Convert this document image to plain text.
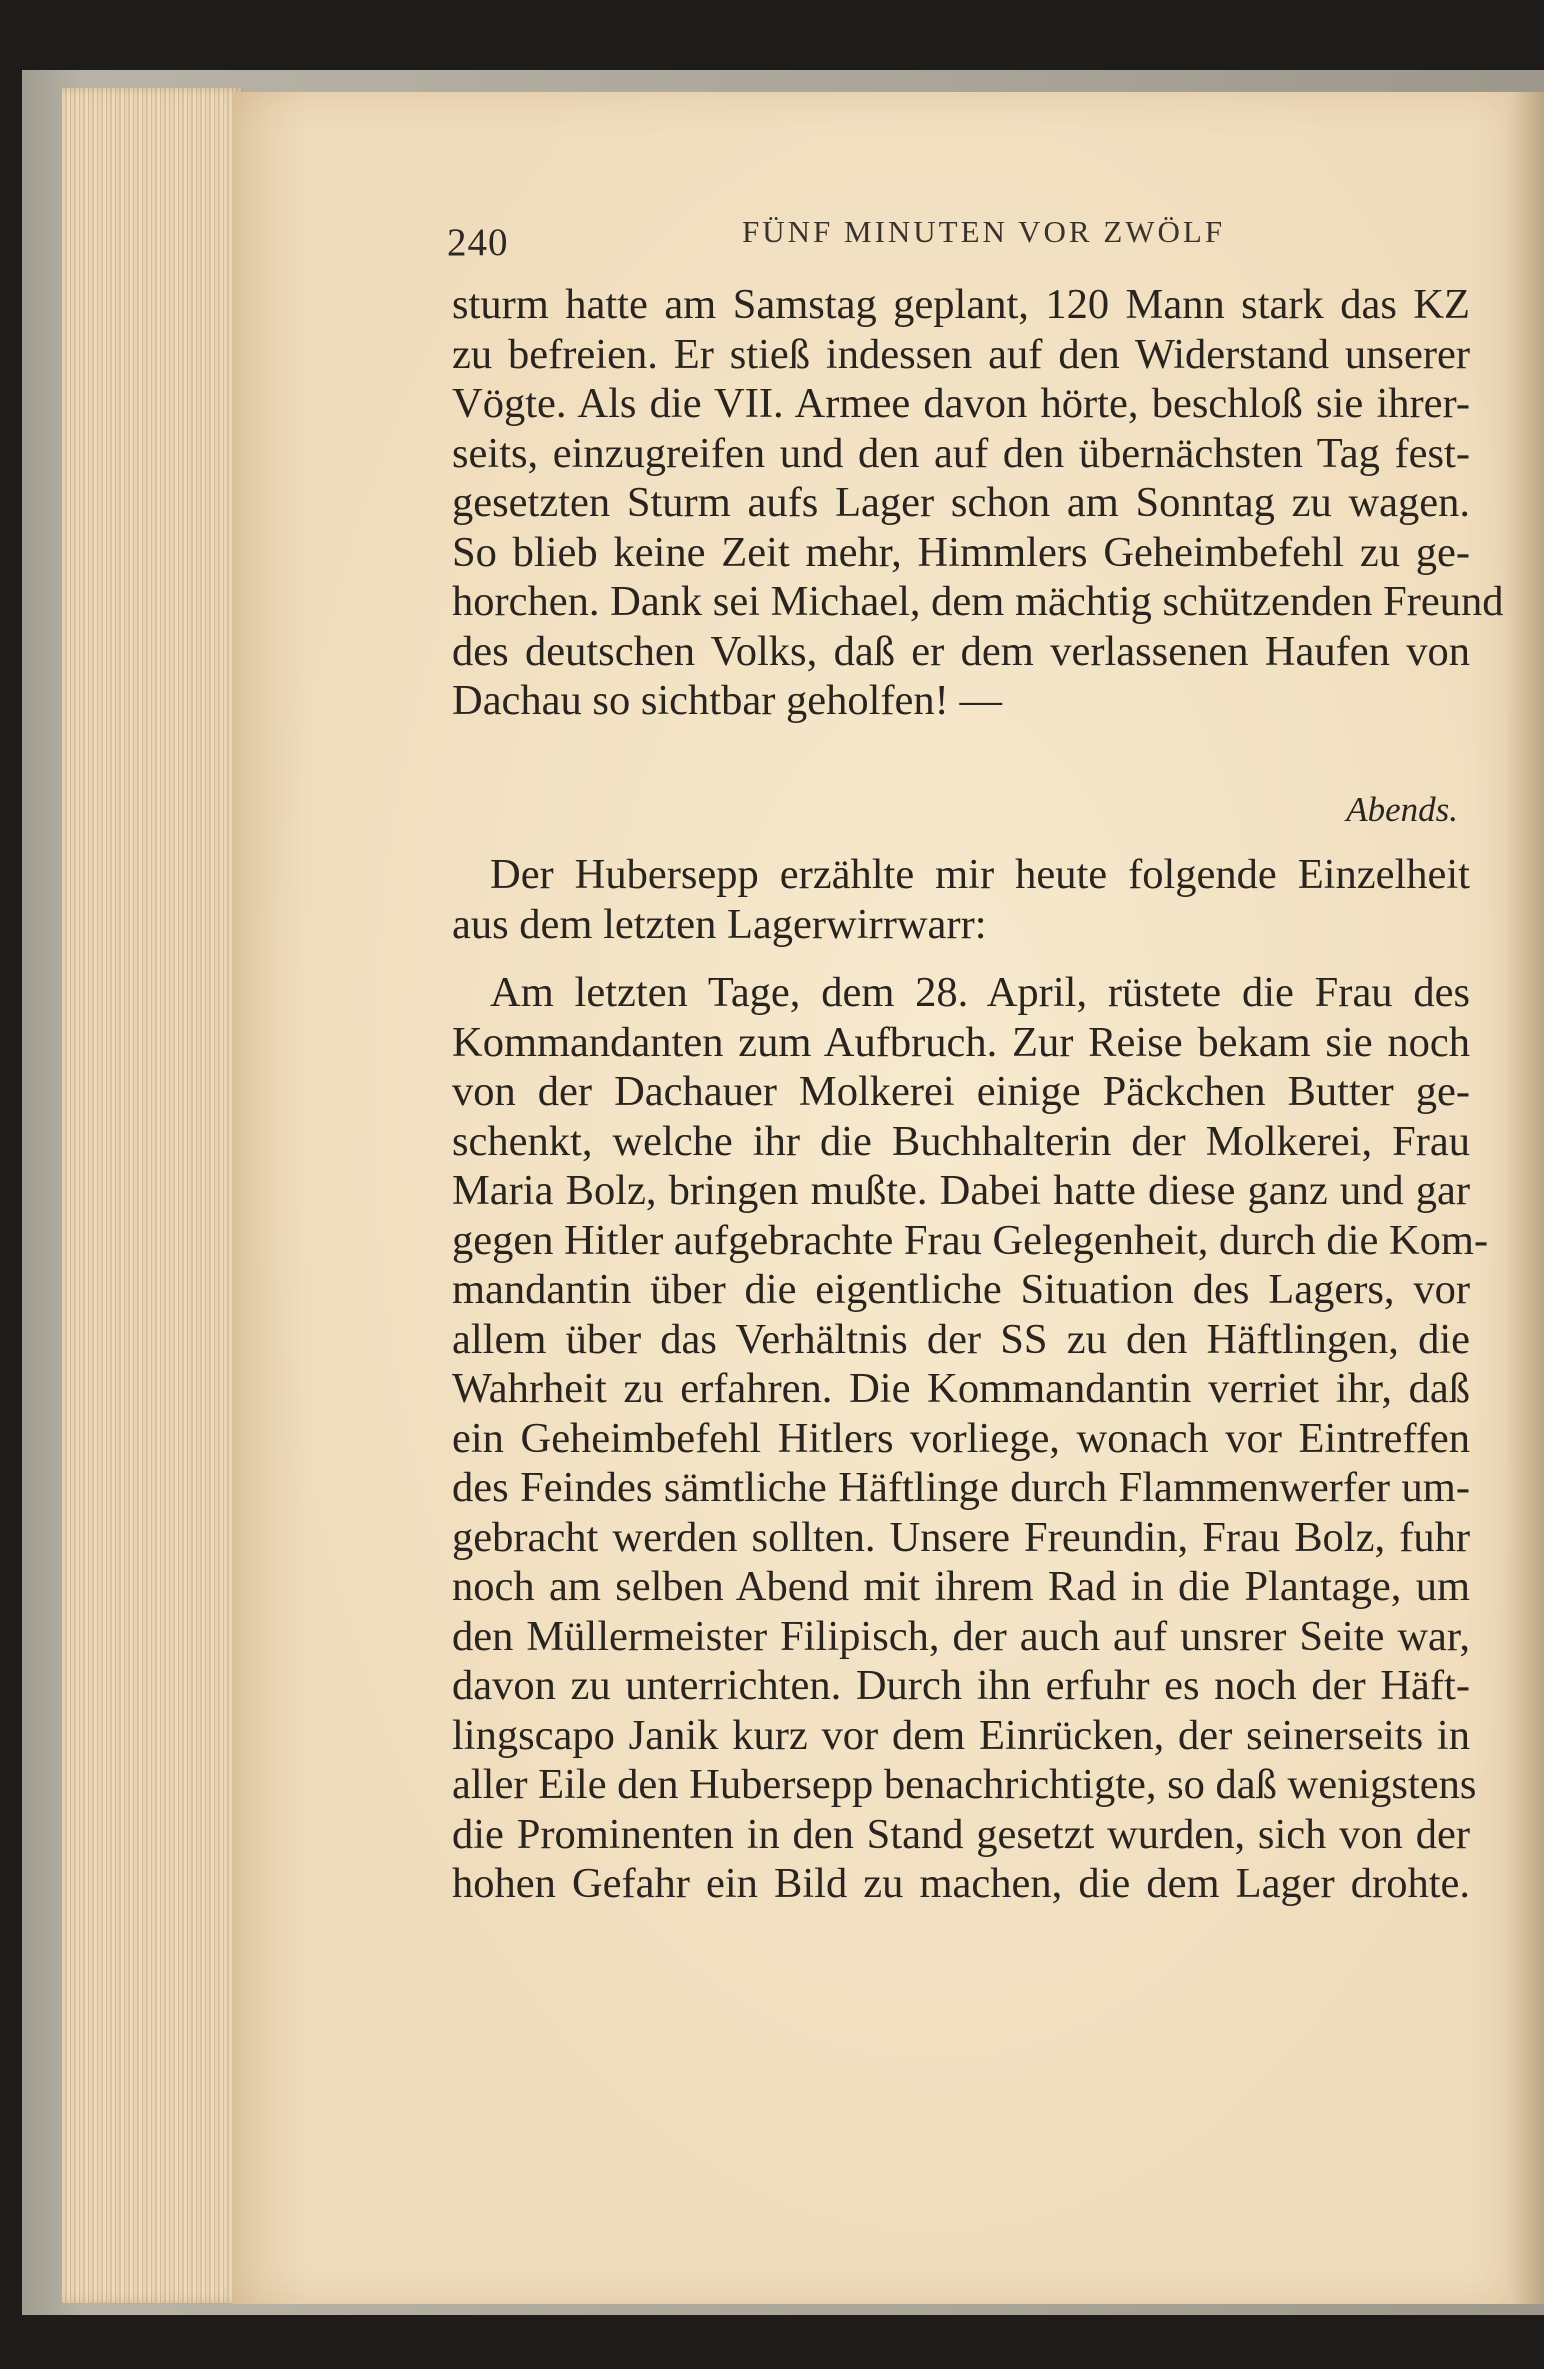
240	FÜNF MINUTEN VOR ZWÖLF
sturm hatte am Samstag geplant, 120 Mann stark das KZ
zu befreien. Er stieß indessen auf den Widerstand unserer
Vögte. Als die VII. Armee davon hörte, beschloß sie ihrer-
seits, einzugreifen und den auf den übernächsten Tag fest-
gesetzten Sturm aufs Lager schon am Sonntag zu wagen.
So blieb keine Zeit mehr, Himmlers Geheimbefehl zu ge-
horchen. Dank sei Michael, dem mächtig schützenden Freund
des deutschen Volks, daß er dem verlassenen Haufen von
Dachau so sichtbar geholfen! —
Abends.
Der Hubersepp erzählte mir heute folgende Einzelheit
aus dem letzten Lagerwirrwarr:
Am letzten Tage, dem 28. April, rüstete die Frau des
Kommandanten zum Aufbruch. Zur Reise bekam sie noch
von der Dachauer Molkerei einige Päckchen Butter ge-
schenkt, welche ihr die Buchhalterin der Molkerei, Frau
Maria Bolz, bringen mußte. Dabei hatte diese ganz und gar
gegen Hitler aufgebrachte Frau Gelegenheit, durch die Kom-
mandantin über die eigentliche Situation des Lagers, vor
allem über das Verhältnis der SS zu den Häftlingen, die
Wahrheit zu erfahren. Die Kommandantin verriet ihr, daß
ein Geheimbefehl Hitlers vorliege, wonach vor Eintreffen
des Feindes sämtliche Häftlinge durch Flammenwerfer um-
gebracht werden sollten. Unsere Freundin, Frau Bolz, fuhr
noch am selben Abend mit ihrem Rad in die Plantage, um
den Müllermeister Filipisch, der auch auf unsrer Seite war,
davon zu unterrichten. Durch ihn erfuhr es noch der Häft-
lingscapo Janik kurz vor dem Einrücken, der seinerseits in
aller Eile den Hubersepp benachrichtigte, so daß wenigstens
die Prominenten in den Stand gesetzt wurden, sich von der
hohen Gefahr ein Bild zu machen, die dem Lager drohte.
